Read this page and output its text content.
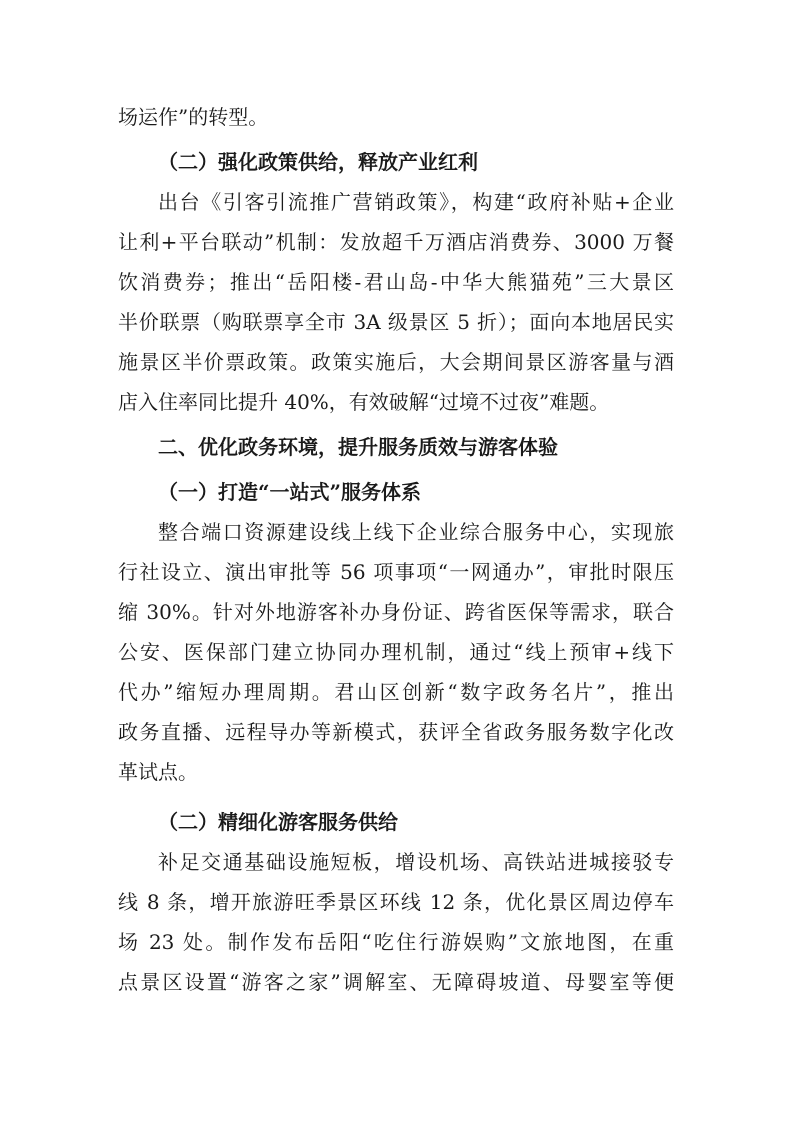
场运作”的转型。
（二）强化政策供给，释放产业红利
出台《引客引流推广营销政策》，构建“政府补贴+企业
让利+平台联动”机制：发放超千万酒店消费券、3000 万餐
饮消费券；推出“岳阳楼-君山岛-中华大熊猫苑”三大景区
半价联票（购联票享全市 3A 级景区 5 折）；面向本地居民实
施景区半价票政策。政策实施后，大会期间景区游客量与酒
店入住率同比提升 40%，有效破解“过境不过夜”难题。
二、优化政务环境，提升服务质效与游客体验
（一）打造“一站式”服务体系
整合端口资源建设线上线下企业综合服务中心，实现旅
行社设立、演出审批等 56 项事项“一网通办”，审批时限压
缩 30%。针对外地游客补办身份证、跨省医保等需求，联合
公安、医保部门建立协同办理机制，通过“线上预审+线下
代办”缩短办理周期。君山区创新“数字政务名片”，推出
政务直播、远程导办等新模式，获评全省政务服务数字化改
革试点。
（二）精细化游客服务供给
补足交通基础设施短板，增设机场、高铁站进城接驳专
线 8 条，增开旅游旺季景区环线 12 条，优化景区周边停车
场 23 处。制作发布岳阳“吃住行游娱购”文旅地图，在重
点景区设置“游客之家”调解室、无障碍坡道、母婴室等便
